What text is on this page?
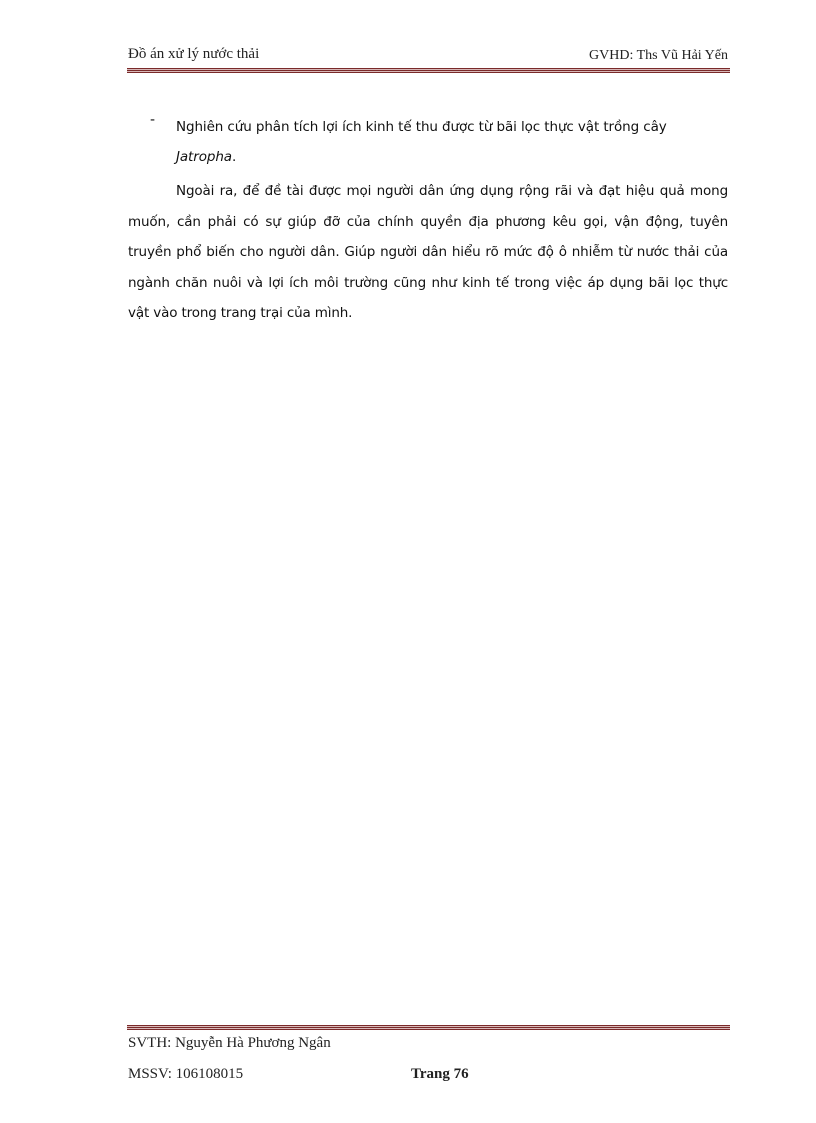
Đồ án xử lý nước thải	GVHD: Ths Vũ Hải Yến
- Nghiên cứu phân tích lợi ích kinh tế thu được từ bãi lọc thực vật trồng cây
Jatropha.
Ngoài ra, để đề tài được mọi người dân ứng dụng rộng rãi và đạt hiệu quả mong muốn, cần phải có sự giúp đỡ của chính quyền địa phương kêu gọi, vận động, tuyên truyền phổ biến cho người dân. Giúp người dân hiểu rõ mức độ ô nhiễm từ nước thải của ngành chăn nuôi và lợi ích môi trường cũng như kinh tế trong việc áp dụng bãi lọc thực vật vào trong trang trại của mình.
SVTH: Nguyễn Hà Phương Ngân
MSSV: 106108015	Trang 76
